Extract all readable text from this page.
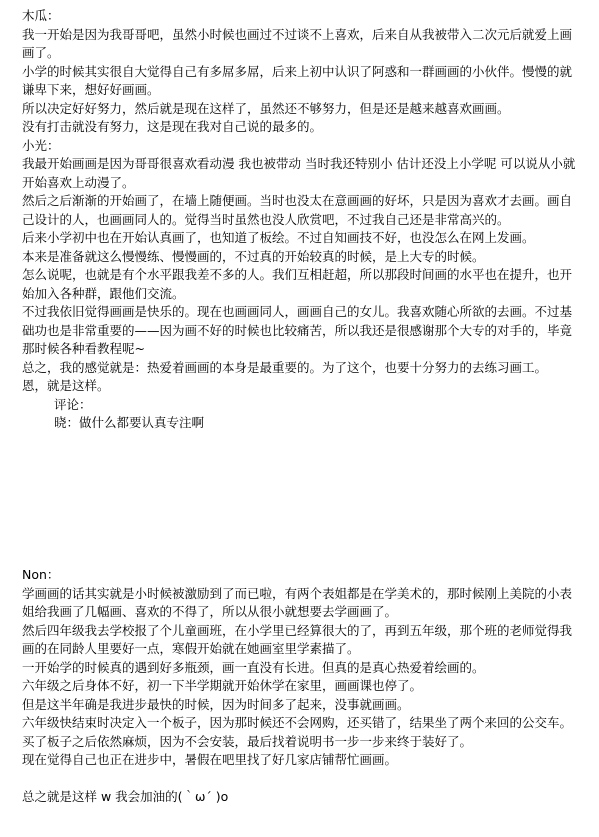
木瓜：

我一开始是因为我哥哥吧，虽然小时候也画过不过谈不上喜欢，后来自从我被带入二次元后就爱上画画了。

小学的时候其实很自大觉得自己有多屌多屌，后来上初中认识了阿惑和一群画画的小伙伴。慢慢的就谦卑下来，想好好画画。

所以决定好好努力，然后就是现在这样了，虽然还不够努力，但是还是越来越喜欢画画。

没有打击就没有努力，这是现在我对自己说的最多的。

小光：

我最开始画画是因为哥哥很喜欢看动漫 我也被带动 当时我还特别小 估计还没上小学呢 可以说从小就开始喜欢上动漫了。

然后之后渐渐的开始画了，在墙上随便画。当时也没太在意画画的好坏，只是因为喜欢才去画。画自己设计的人，也画画同人的。觉得当时虽然也没人欣赏吧，不过我自己还是非常高兴的。

后来小学初中也在开始认真画了，也知道了板绘。不过自知画技不好，也没怎么在网上发画。

本来是准备就这么慢慢练、慢慢画的，不过真的开始较真的时候，是上大专的时候。

怎么说呢，也就是有个水平跟我差不多的人。我们互相赶超，所以那段时间画的水平也在提升，也开始加入各种群，跟他们交流。

不过我依旧觉得画画是快乐的。现在也画画同人，画画自己的女儿。我喜欢随心所欲的去画。不过基础功也是非常重要的——因为画不好的时候也比较痛苦，所以我还是很感谢那个大专的对手的，毕竟那时候各种看教程呢~

总之，我的感觉就是：热爱着画画的本身是最重要的。为了这个，也要十分努力的去练习画工。

恩，就是这样。

评论：

晓：做什么都要认真专注啊

Non：

学画画的话其实就是小时候被激励到了而已啦，有两个表姐都是在学美术的，那时候刚上美院的小表姐给我画了几幅画、喜欢的不得了，所以从很小就想要去学画画了。

然后四年级我去学校报了个儿童画班，在小学里已经算很大的了，再到五年级，那个班的老师觉得我画的在同龄人里要好一点，寒假开始就在她画室里学素描了。

一开始学的时候真的遇到好多瓶颈，画一直没有长进。但真的是真心热爱着绘画的。

六年级之后身体不好，初一下半学期就开始休学在家里，画画课也停了。

但是这半年确是我进步最快的时候，因为时间多了起来，没事就画画。

六年级快结束时决定入一个板子，因为那时候还不会网购，还买错了，结果坐了两个来回的公交车。买了板子之后依然麻烦，因为不会安装，最后找着说明书一步一步来终于装好了。

现在觉得自己也正在进步中，暑假在吧里找了好几家店铺帮忙画画。

总之就是这样 w 我会加油的(｀ω´ )o
